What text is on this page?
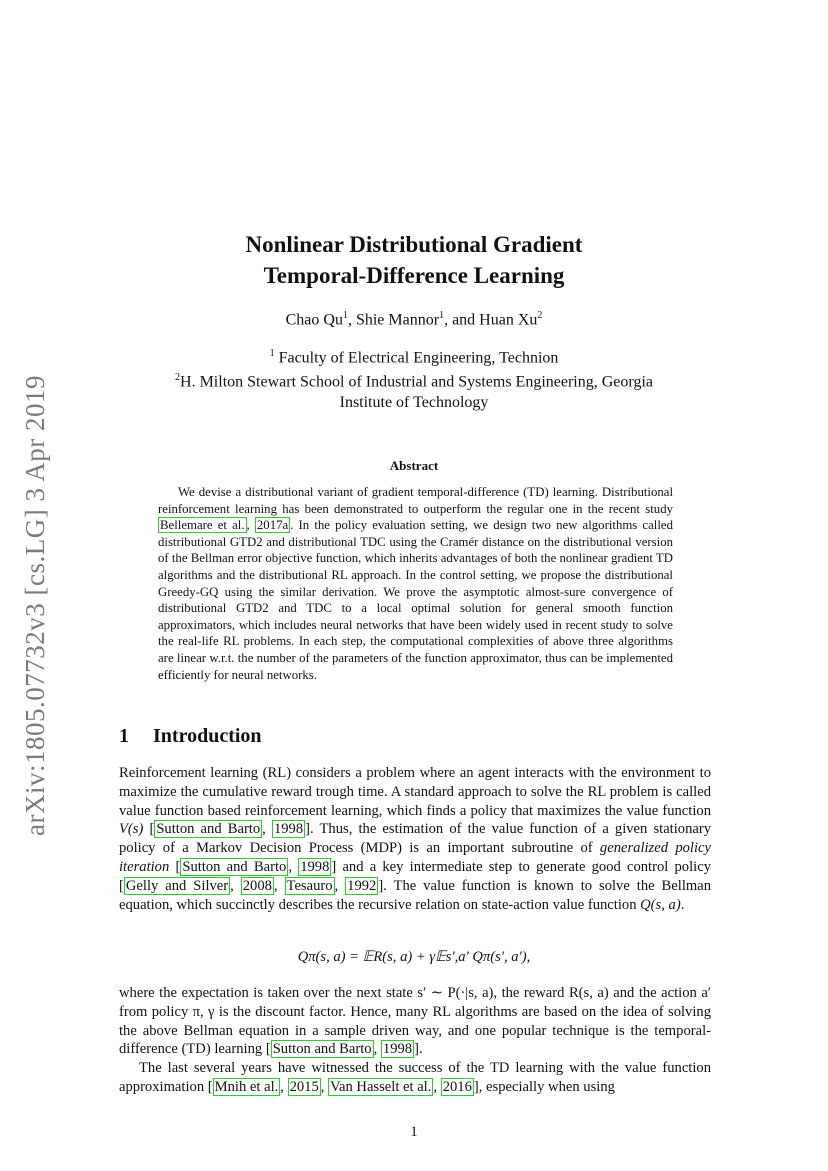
arXiv:1805.07732v3 [cs.LG] 3 Apr 2019
Nonlinear Distributional Gradient
Temporal-Difference Learning
Chao Qu$^1$, Shie Mannor$^1$, and Huan Xu$^2$
$^1$ Faculty of Electrical Engineering, Technion
$^2$H. Milton Stewart School of Industrial and Systems Engineering, Georgia
Institute of Technology
Abstract
We devise a distributional variant of gradient temporal-difference (TD) learning. Distributional reinforcement learning has been demonstrated to outperform the regular one in the recent study Bellemare et al. , 2017a . In the policy evaluation setting, we design two new algorithms called distributional GTD2 and distributional TDC using the Cramér distance on the distributional version of the Bellman error objective function, which inherits advantages of both the nonlinear gradient TD algorithms and the distributional RL approach. In the control setting, we propose the distributional Greedy-GQ using the similar derivation. We prove the asymptotic almost-sure convergence of distributional GTD2 and TDC to a local optimal solution for general smooth function approximators, which includes neural networks that have been widely used in recent study to solve the real-life RL problems. In each step, the computational complexities of above three algorithms are linear w.r.t. the number of the parameters of the function approximator, thus can be implemented efficiently for neural networks.
1 Introduction
Reinforcement learning (RL) considers a problem where an agent interacts with the environment to maximize the cumulative reward trough time. A standard approach to solve the RL problem is called value function based reinforcement learning, which finds a policy that maximizes the value function V(s) [ Sutton and Barto , 1998 ]. Thus, the estimation of the value function of a given stationary policy of a Markov Decision Process (MDP) is an important subroutine of generalized policy iteration [ Sutton and Barto , 1998 ] and a key intermediate step to generate good control policy [ Gelly and Silver , 2008 , Tesauro , 1992 ]. The value function is known to solve the Bellman equation, which succinctly describes the recursive relation on state-action value function Q(s, a).
Qπ(s, a) = 𝔼R(s, a) + γ𝔼s′,a′ Qπ(s′, a′),
where the expectation is taken over the next state s′ ∼ P(·|s, a), the reward R(s, a) and the action a′ from policy π, γ is the discount factor. Hence, many RL algorithms are based on the idea of solving the above Bellman equation in a sample driven way, and one popular technique is the temporal-difference (TD) learning [ Sutton and Barto , 1998 ].
The last several years have witnessed the success of the TD learning with the value function approximation [ Mnih et al. , 2015 , Van Hasselt et al. , 2016 ], especially when using
1
